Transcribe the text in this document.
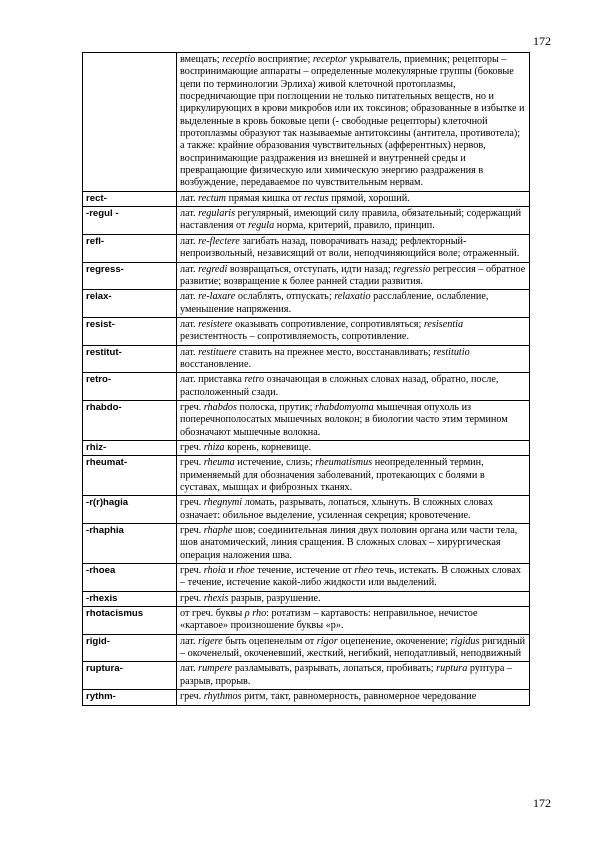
172
	вмещать; receptio восприятие; receptor укрыватель, приемник; рецепторы – воспринимающие аппараты – определенные молекулярные группы (боковые цепи по терминологии Эрлиха) живой клеточной протоплазмы, посредничающие при поглощении не только питательных веществ, но и циркулирующих в крови микробов или их токсинов; образованные в избытке и выделенные в кровь боковые цепи (- свободные рецепторы) клеточной протоплазмы образуют так называемые антитоксины (антитела, противотела); а также: крайние образования чувствительных (афферентных) нервов, воспринимающие раздражения из внешней и внутренней среды и превращающие физическую или химическую энергию раздражения в возбуждение, передаваемое по чувствительным нервам.
rect-	лат. rectum прямая кишка от rectus прямой, хороший.
-regul -	лат. regularis регулярный, имеющий силу правила, обязательный; содержащий наставления от regula норма, критерий, правило, принцип.
refl-	лат. re-flectere загибать назад, поворачивать назад; рефлекторный- непроизвольный, независящий от воли, неподчиняющийся воле; отраженный.
regress-	лат. regredi возвращаться, отступать, идти назад; regressio регрессия – обратное развитие; возвращение к более ранней стадии развития.
relax-	лат. re-laxare ослаблять, отпускать; relaxatio расслабление, ослабление, уменьшение напряжения.
resist-	лат. resistere оказывать сопротивление, сопротивляться; resisentia резистентность – сопротивляемость, сопротивление.
restitut-	лат. restituere ставить на прежнее место, восстанавливать; restitutio восстановление.
retro-	лат. приставка retro означающая в сложных словах назад, обратно, после, расположенный сзади.
rhabdo-	греч. rhabdos полоска, прутик; rhabdomyoma мышечная опухоль из поперечнополосатых мышечных волокон; в биологии часто этим термином обозначают мышечные волокна.
rhiz-	греч. rhiza корень, корневище.
rheumat-	греч. rheuma истечение, слизь; rheumatismus неопределенный термин, применяемый для обозначения заболеваний, протекающих с болями в суставах, мышцах и фиброзных тканях.
-r(r)hagia	греч. rhegnymi ломать, разрывать, лопаться, хлынуть. В сложных словах означает: обильное выделение, усиленная секреция; кровотечение.
-rhaphia	греч. rhaphe шов; соединительная линия двух половин органа или части тела, шов анатомический, линия сращения. В сложных словах – хирургическая операция наложения шва.
-rhoea	греч. rhoia и rhoe течение, истечение от rheo течь, истекать. В сложных словах – течение, истечение какой-либо жидкости или выделений.
-rhexis	греч. rhexis разрыв, разрушение.
rhotacismus	от греч. буквы ρ rho: ротатизм – картавость: неправильное, нечистое «картавое» произношение буквы «р».
rigid-	лат. rigere быть оцепенелым от rigor оцепенение, окоченение; rigidus ригидный – окоченелый, окоченевший, жесткий, негибкий, неподатливый, неподвижный
ruptura-	лат. rumpere разламывать, разрывать, лопаться, пробивать; ruptura руптура – разрыв, прорыв.
rythm-	греч. rhythmos ритм, такт, равномерность, равномерное чередование
172
